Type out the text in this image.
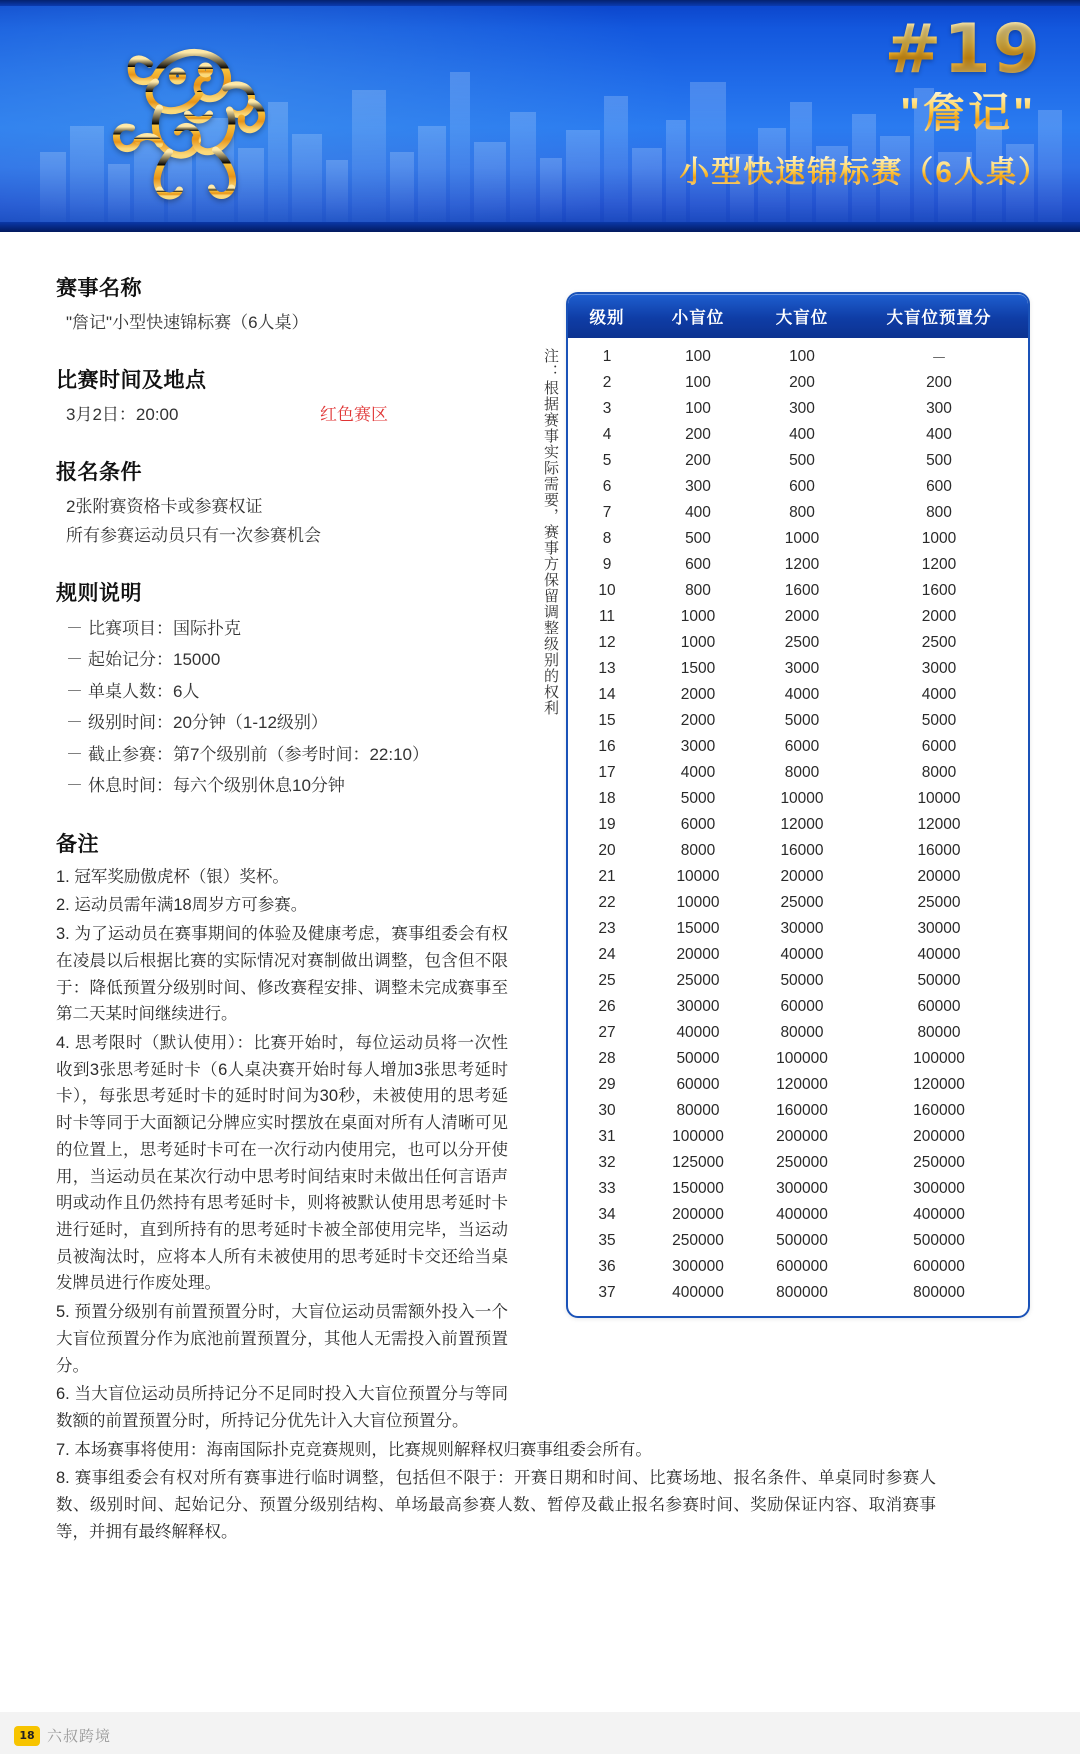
#19
"詹记"
小型快速锦标赛（6人桌）
赛事名称
"詹记"小型快速锦标赛（6人桌）
比赛时间及地点
3月2日：20:00	红色赛区
报名条件
2张附赛资格卡或参赛权证
所有参赛运动员只有一次参赛机会
规则说明
－ 比赛项目：国际扑克
－ 起始记分：15000
－ 单桌人数：6人
－ 级别时间：20分钟（1-12级别）
－ 截止参赛：第7个级别前（参考时间：22:10）
－ 休息时间：每六个级别休息10分钟
备注
1. 冠军奖励傲虎杯（银）奖杯。
2. 运动员需年满18周岁方可参赛。
3. 为了运动员在赛事期间的体验及健康考虑，赛事组委会有权在凌晨以后根据比赛的实际情况对赛制做出调整，包含但不限于：降低预置分级别时间、修改赛程安排、调整未完成赛事至第二天某时间继续进行。
4. 思考限时（默认使用）：比赛开始时，每位运动员将一次性收到3张思考延时卡（6人桌决赛开始时每人增加3张思考延时卡），每张思考延时卡的延时时间为30秒，未被使用的思考延时卡等同于大面额记分牌应实时摆放在桌面对所有人清晰可见的位置上，思考延时卡可在一次行动内使用完，也可以分开使用，当运动员在某次行动中思考时间结束时未做出任何言语声明或动作且仍然持有思考延时卡，则将被默认使用思考延时卡进行延时，直到所持有的思考延时卡被全部使用完毕，当运动员被淘汰时，应将本人所有未被使用的思考延时卡交还给当桌发牌员进行作废处理。
5. 预置分级别有前置预置分时，大盲位运动员需额外投入一个大盲位预置分作为底池前置预置分，其他人无需投入前置预置分。
6. 当大盲位运动员所持记分不足同时投入大盲位预置分与等同数额的前置预置分时，所持记分优先计入大盲位预置分。
7. 本场赛事将使用：海南国际扑克竞赛规则，比赛规则解释权归赛事组委会所有。
8. 赛事组委会有权对所有赛事进行临时调整，包括但不限于：开赛日期和时间、比赛场地、报名条件、单桌同时参赛人数、级别时间、起始记分、预置分级别结构、单场最高参赛人数、暂停及截止报名参赛时间、奖励保证内容、取消赛事等，并拥有最终解释权。
注：根据赛事实际需要，赛事方保留调整级别的权利
级别	小盲位	大盲位	大盲位预置分
1	100	100	－
2	100	200	200
3	100	300	300
4	200	400	400
5	200	500	500
6	300	600	600
7	400	800	800
8	500	1000	1000
9	600	1200	1200
10	800	1600	1600
11	1000	2000	2000
12	1000	2500	2500
13	1500	3000	3000
14	2000	4000	4000
15	2000	5000	5000
16	3000	6000	6000
17	4000	8000	8000
18	5000	10000	10000
19	6000	12000	12000
20	8000	16000	16000
21	10000	20000	20000
22	10000	25000	25000
23	15000	30000	30000
24	20000	40000	40000
25	25000	50000	50000
26	30000	60000	60000
27	40000	80000	80000
28	50000	100000	100000
29	60000	120000	120000
30	80000	160000	160000
31	100000	200000	200000
32	125000	250000	250000
33	150000	300000	300000
34	200000	400000	400000
35	250000	500000	500000
36	300000	600000	600000
37	400000	800000	800000
18 六叔跨境
